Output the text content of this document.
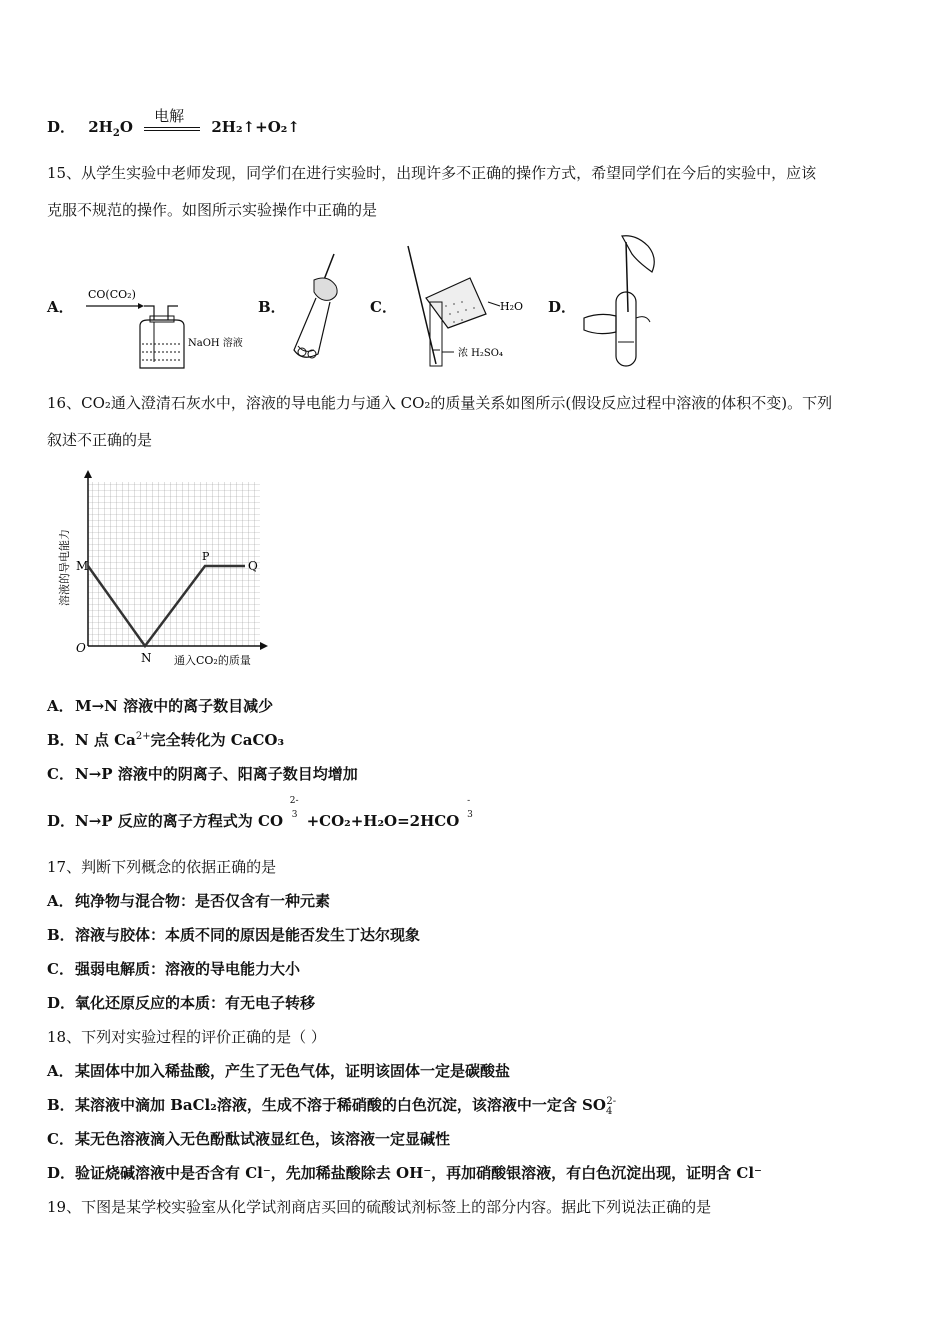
D． $2H_2O$
电解
2H₂↑+O₂↑
15、从学生实验中老师发现，同学们在进行实验时，出现许多不正确的操作方式，希望同学们在今后的实验中，应该
克服不规范的操作。如图所示实验操作中正确的是
A．
CO(CO₂)
NaOH 溶液
B．	C．	H₂O
浓 H₂SO₄
D．
16、CO₂通入澄清石灰水中，溶液的导电能力与通入 CO₂的质量关系如图所示(假设反应过程中溶液的体积不变)。下列
叙述不正确的是
O
M
N
P
Q
通入CO₂的质量
溶液的导电能力
A．M→N 溶液中的离子数目减少
B．N 点 $Ca^{2+}$完全转化为 CaCO₃
C．N→P 溶液中的阴离子、阳离子数目均增加
D．N→P 反应的离子方程式为 CO
2-
3 +CO₂+H₂O=2HCO
-
3
17、判断下列概念的依据正确的是
A．纯净物与混合物：是否仅含有一种元素
B．溶液与胶体：本质不同的原因是能否发生丁达尔现象
C．强弱电解质：溶液的导电能力大小
D．氧化还原反应的本质：有无电子转移
18、下列对实验过程的评价正确的是（ ）
A．某固体中加入稀盐酸，产生了无色气体，证明该固体一定是碳酸盐
B．某溶液中滴加 BaCl₂溶液，生成不溶于稀硝酸的白色沉淀，该溶液中一定含 $SO_4^{2-}$
C．某无色溶液滴入无色酚酞试液显红色，该溶液一定显碱性
D．验证烧碱溶液中是否含有 Cl⁻，先加稀盐酸除去 OH⁻，再加硝酸银溶液，有白色沉淀出现，证明含 Cl⁻
19、下图是某学校实验室从化学试剂商店买回的硫酸试剂标签上的部分内容。据此下列说法正确的是
